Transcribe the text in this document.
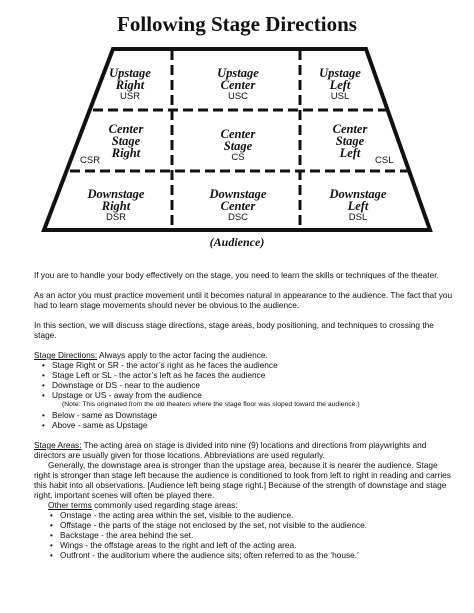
Following Stage Directions
Upstage
Right
USR
Upstage
Center
USC
Upstage
Left
USL
Center
Stage
Right
CSR
Center
Stage
CS
Center
Stage
Left
CSL
Downstage
Right
DSR
Downstage
Center
DSC
Downstage
Left
DSL
(Audience)

If you are to handle your body effectively on the stage, you need to learn the skills or techniques of the theater.

As an actor you must practice movement until it becomes natural in appearance to the audience. The fact that you had to learn stage movements should never be obvious to the audience.

In this section, we will discuss stage directions, stage areas, body positioning, and techniques to crossing the stage.

Stage Directions: Always apply to the actor facing the audience.

• Stage Right or SR - the actor’s right as he faces the audience
• Stage Left or SL - the actor’s left as he faces the audience
• Downstage or DS - near to the audience
• Upstage or US - away from the audience
(Note: This originated from the old theaters where the stage floor was sloped toward the audience.)
• Below - same as Downstage
• Above - same as Upstage

Stage Areas: The acting area on stage is divided into nine (9) locations and directions from playwrights and directors are usually given for those locations. Abbreviations are used regularly.

Generally, the downstage area is stronger than the upstage area, because it is nearer the audience. Stage right is stronger than stage left because the audience is conditioned to look from left to right in reading and carries this habit into all observations. [Audience left being stage right.] Because of the strength of downstage and stage right, important scenes will often be played there.

Other terms commonly used regarding stage areas:

• Onstage - the acting area within the set, visible to the audience.
• Offstage - the parts of the stage not enclosed by the set, not visible to the audience.
• Backstage - the area behind the set.
• Wings - the offstage areas to the right and left of the acting area.
• Outfront - the auditorium where the audience sits; often referred to as the ‘house.’
